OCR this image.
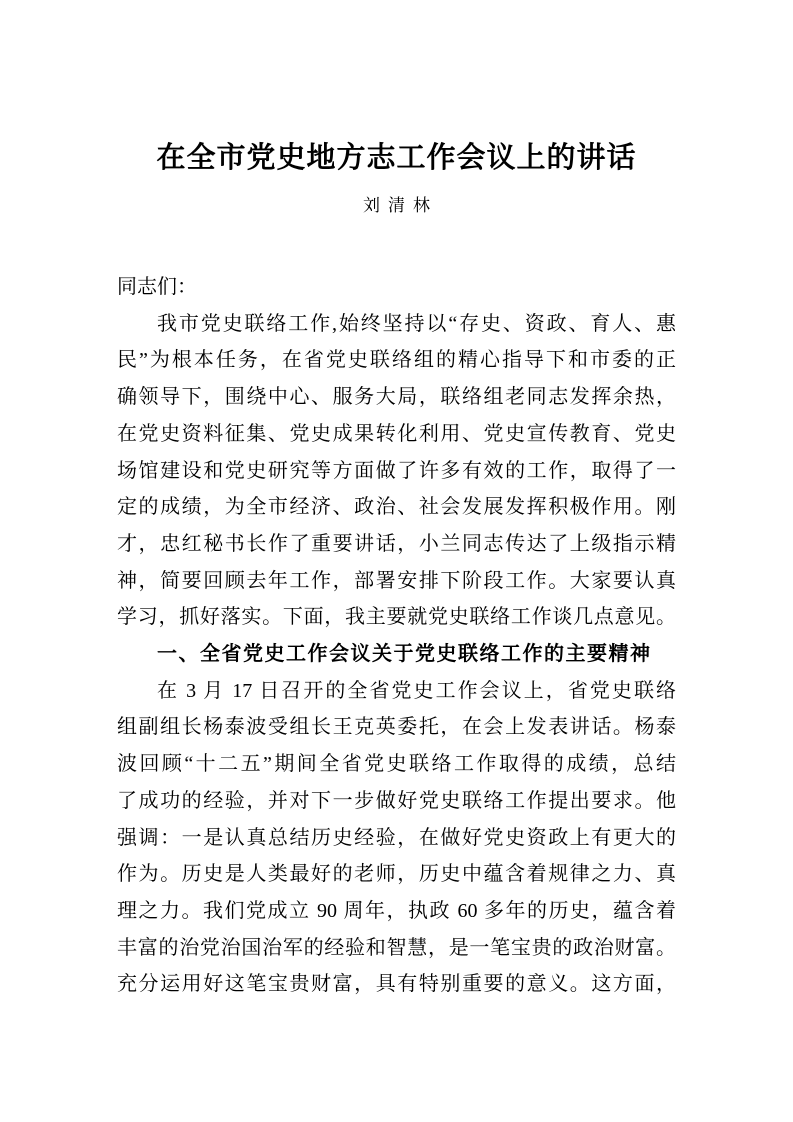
在全市党史地方志工作会议上的讲话
刘清林
同志们：
我市党史联络工作,始终坚持以“存史、资政、育人、惠
民”为根本任务，在省党史联络组的精心指导下和市委的正
确领导下，围绕中心、服务大局，联络组老同志发挥余热，
在党史资料征集、党史成果转化利用、党史宣传教育、党史
场馆建设和党史研究等方面做了许多有效的工作，取得了一
定的成绩，为全市经济、政治、社会发展发挥积极作用。刚
才，忠红秘书长作了重要讲话，小兰同志传达了上级指示精
神，简要回顾去年工作，部署安排下阶段工作。大家要认真
学习，抓好落实。下面，我主要就党史联络工作谈几点意见。
一、全省党史工作会议关于党史联络工作的主要精神
在 3 月 17 日召开的全省党史工作会议上，省党史联络
组副组长杨泰波受组长王克英委托，在会上发表讲话。杨泰
波回顾“十二五”期间全省党史联络工作取得的成绩，总结
了成功的经验，并对下一步做好党史联络工作提出要求。他
强调：一是认真总结历史经验，在做好党史资政上有更大的
作为。历史是人类最好的老师，历史中蕴含着规律之力、真
理之力。我们党成立 90 周年，执政 60 多年的历史，蕴含着
丰富的治党治国治军的经验和智慧，是一笔宝贵的政治财富。
充分运用好这笔宝贵财富，具有特别重要的意义。这方面，
